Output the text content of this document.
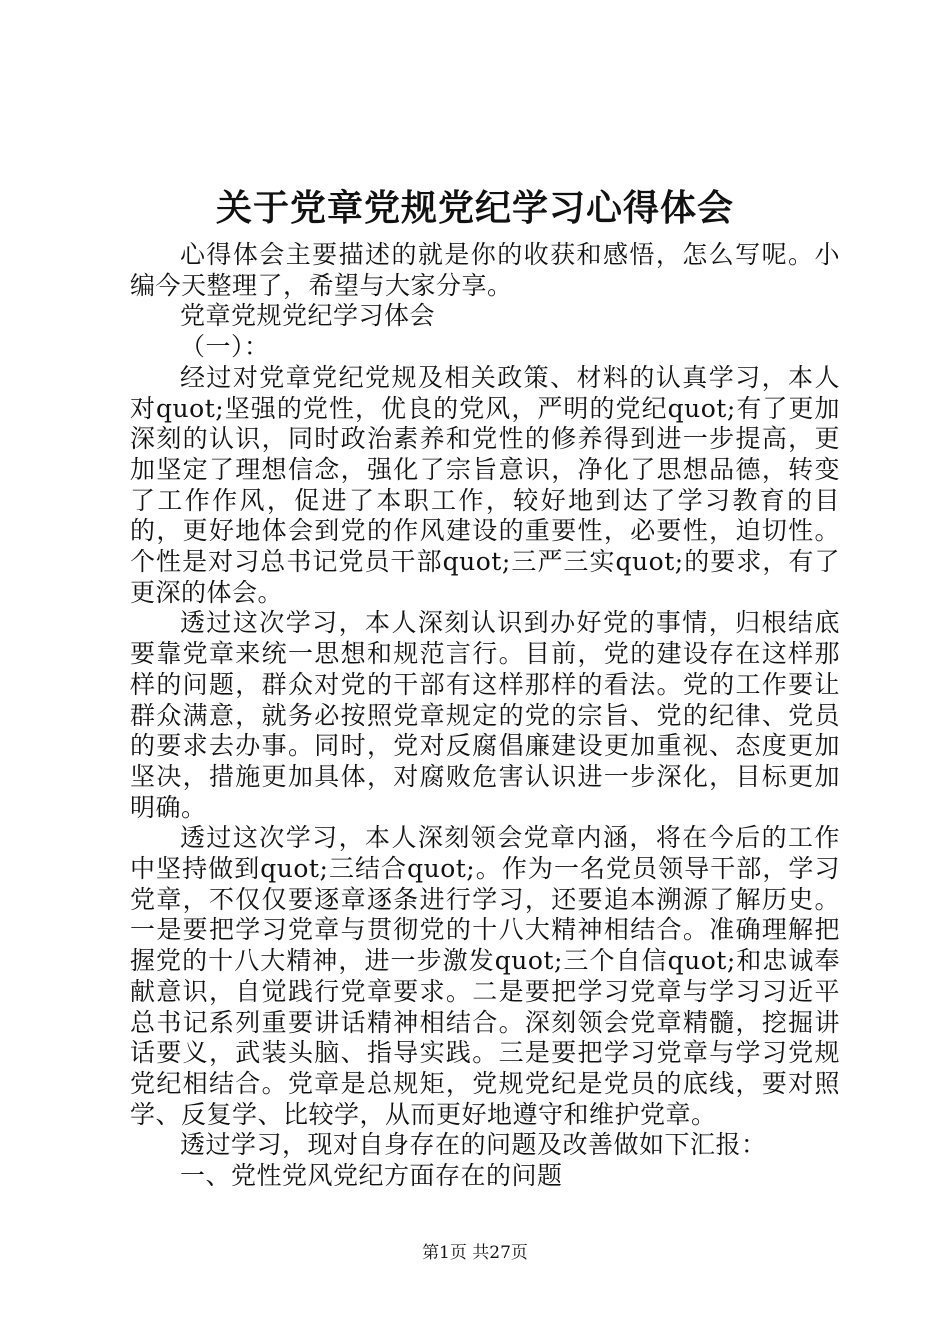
关于党章党规党纪学习心得体会

心得体会主要描述的就是你的收获和感悟，怎么写呢。小编今天整理了，希望与大家分享。

党章党规党纪学习体会

（一）：

经过对党章党纪党规及相关政策、材料的认真学习，本人对quot;坚强的党性，优良的党风，严明的党纪quot;有了更加深刻的认识，同时政治素养和党性的修养得到进一步提高，更加坚定了理想信念，强化了宗旨意识，净化了思想品德，转变了工作作风，促进了本职工作，较好地到达了学习教育的目的，更好地体会到党的作风建设的重要性，必要性，迫切性。个性是对习总书记党员干部quot;三严三实quot;的要求，有了更深的体会。

透过这次学习，本人深刻认识到办好党的事情，归根结底要靠党章来统一思想和规范言行。目前，党的建设存在这样那样的问题，群众对党的干部有这样那样的看法。党的工作要让群众满意，就务必按照党章规定的党的宗旨、党的纪律、党员的要求去办事。同时，党对反腐倡廉建设更加重视、态度更加坚决，措施更加具体，对腐败危害认识进一步深化，目标更加明确。

透过这次学习，本人深刻领会党章内涵，将在今后的工作中坚持做到quot;三结合quot;。作为一名党员领导干部，学习党章，不仅仅要逐章逐条进行学习，还要追本溯源了解历史。一是要把学习党章与贯彻党的十八大精神相结合。准确理解把握党的十八大精神，进一步激发quot;三个自信quot;和忠诚奉献意识，自觉践行党章要求。二是要把学习党章与学习习近平总书记系列重要讲话精神相结合。深刻领会党章精髓，挖掘讲话要义，武装头脑、指导实践。三是要把学习党章与学习党规党纪相结合。党章是总规矩，党规党纪是党员的底线，要对照学、反复学、比较学，从而更好地遵守和维护党章。

透过学习，现对自身存在的问题及改善做如下汇报：

一、党性党风党纪方面存在的问题

第1页 共27页
